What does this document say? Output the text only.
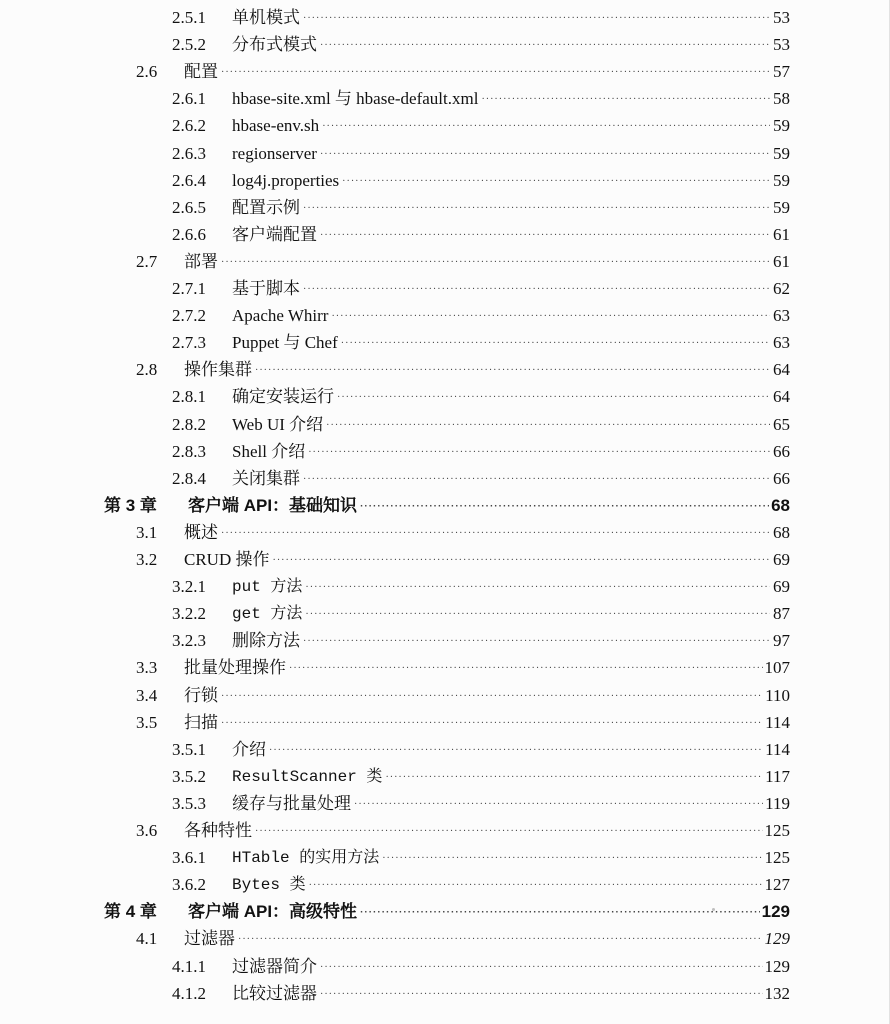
2.5.1	单机模式 ·····	53
2.5.2	分布式模式 ·····	53
2.6	配置 ·····	57
2.6.1	hbase-site.xml 与 hbase-default.xml ·····	58
2.6.2	hbase-env.sh ·····	59
2.6.3	regionserver ·····	59
2.6.4	log4j.properties ·····	59
2.6.5	配置示例 ·····	59
2.6.6	客户端配置 ·····	61
2.7	部署 ·····	61
2.7.1	基于脚本 ·····	62
2.7.2	Apache Whirr ·····	63
2.7.3	Puppet 与 Chef ·····	63
2.8	操作集群 ·····	64
2.8.1	确定安装运行 ·····	64
2.8.2	Web UI 介绍 ·····	65
2.8.3	Shell 介绍 ·····	66
2.8.4	关闭集群 ·····	66
第 3 章	客户端 API：基础知识 ·····	68
3.1	概述 ·····	68
3.2	CRUD 操作 ·····	69
3.2.1	put 方法 ·····	69
3.2.2	get 方法 ·····	87
3.2.3	删除方法 ·····	97
3.3	批量处理操作 ·····	107
3.4	行锁 ·····	110
3.5	扫描 ·····	114
3.5.1	介绍 ·····	114
3.5.2	ResultScanner 类 ·····	117
3.5.3	缓存与批量处理 ·····	119
3.6	各种特性 ·····	125
3.6.1	HTable 的实用方法 ·····	125
3.6.2	Bytes 类 ·····	127
第 4 章	客户端 API：高级特性 ·····	129
4.1	过滤器 ·····	129
4.1.1	过滤器简介 ·····	129
4.1.2	比较过滤器 ·····	132
